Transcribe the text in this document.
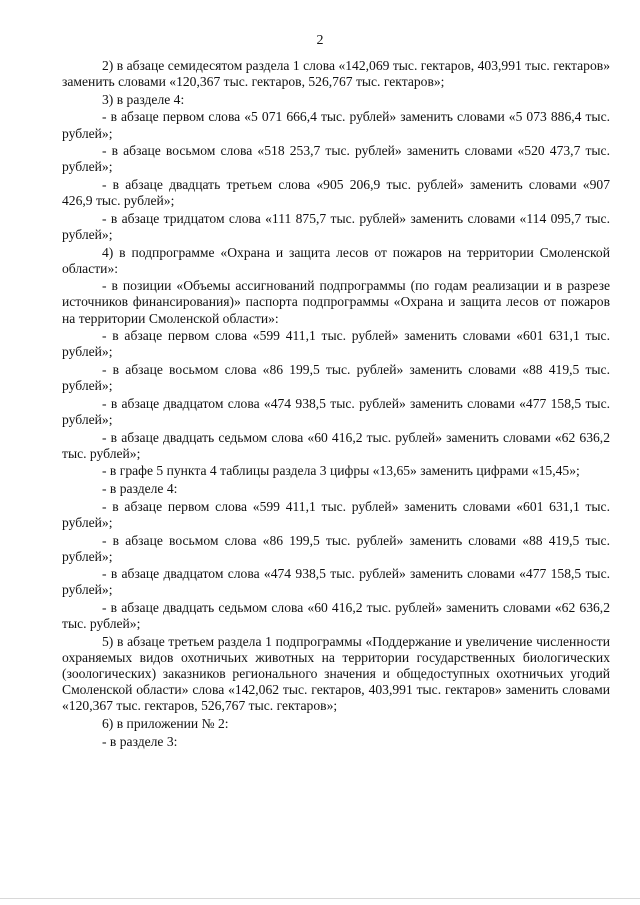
2

2) в абзаце семидесятом раздела 1 слова «142,069 тыс. гектаров, 403,991 тыс. гектаров» заменить словами «120,367 тыс. гектаров, 526,767 тыс. гектаров»;

3) в разделе 4:

- в абзаце первом слова «5 071 666,4 тыс. рублей» заменить словами «5 073 886,4 тыс. рублей»;

- в абзаце восьмом слова «518 253,7 тыс. рублей» заменить словами «520 473,7 тыс. рублей»;

- в абзаце двадцать третьем слова «905 206,9 тыс. рублей» заменить словами «907 426,9 тыс. рублей»;

- в абзаце тридцатом слова «111 875,7 тыс. рублей» заменить словами «114 095,7 тыс. рублей»;

4) в подпрограмме «Охрана и защита лесов от пожаров на территории Смоленской области»:

- в позиции «Объемы ассигнований подпрограммы (по годам реализации и в разрезе источников финансирования)» паспорта подпрограммы «Охрана и защита лесов от пожаров на территории Смоленской области»:

- в абзаце первом слова «599 411,1 тыс. рублей» заменить словами «601 631,1 тыс. рублей»;

- в абзаце восьмом слова «86 199,5 тыс. рублей» заменить словами «88 419,5 тыс. рублей»;

- в абзаце двадцатом слова «474 938,5 тыс. рублей» заменить словами «477 158,5 тыс. рублей»;

- в абзаце двадцать седьмом слова «60 416,2 тыс. рублей» заменить словами «62 636,2 тыс. рублей»;

- в графе 5 пункта 4 таблицы раздела 3 цифры «13,65» заменить цифрами «15,45»;

- в разделе 4:

- в абзаце первом слова «599 411,1 тыс. рублей» заменить словами «601 631,1 тыс. рублей»;

- в абзаце восьмом слова «86 199,5 тыс. рублей» заменить словами «88 419,5 тыс. рублей»;

- в абзаце двадцатом слова «474 938,5 тыс. рублей» заменить словами «477 158,5 тыс. рублей»;

- в абзаце двадцать седьмом слова «60 416,2 тыс. рублей» заменить словами «62 636,2 тыс. рублей»;

5) в абзаце третьем раздела 1 подпрограммы «Поддержание и увеличение численности охраняемых видов охотничьих животных на территории государственных биологических (зоологических) заказников регионального значения и общедоступных охотничьих угодий Смоленской области» слова «142,062 тыс. гектаров, 403,991 тыс. гектаров» заменить словами «120,367 тыс. гектаров, 526,767 тыс. гектаров»;

6) в приложении № 2:

- в разделе 3:
